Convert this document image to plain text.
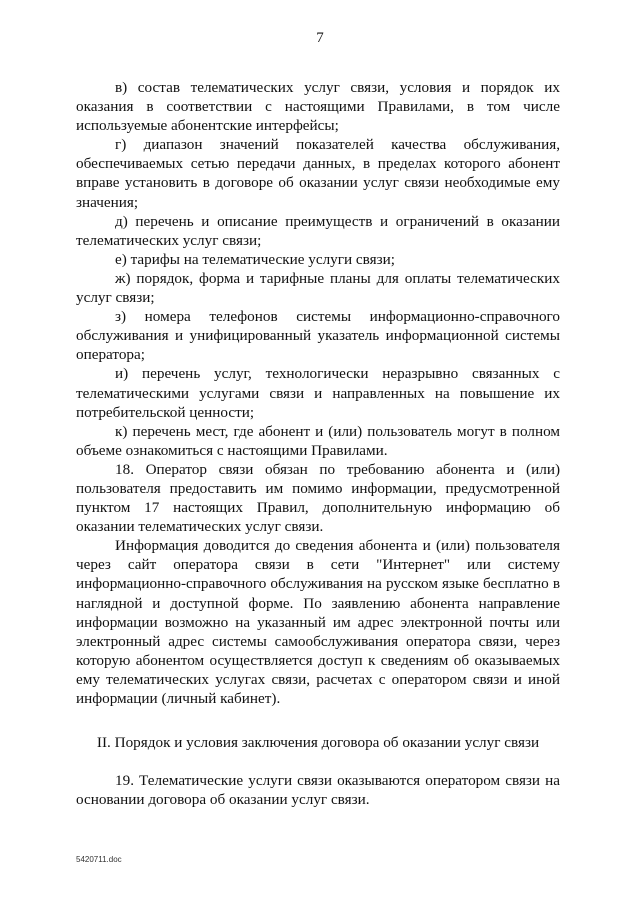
7

в) состав телематических услуг связи, условия и порядок их оказания в соответствии с настоящими Правилами, в том числе используемые абонентские интерфейсы;

г) диапазон значений показателей качества обслуживания, обеспечиваемых сетью передачи данных, в пределах которого абонент вправе установить в договоре об оказании услуг связи необходимые ему значения;

д) перечень и описание преимуществ и ограничений в оказании телематических услуг связи;

е) тарифы на телематические услуги связи;

ж) порядок, форма и тарифные планы для оплаты телематических услуг связи;

з) номера телефонов системы информационно-справочного обслуживания и унифицированный указатель информационной системы оператора;

и) перечень услуг, технологически неразрывно связанных с телематическими услугами связи и направленных на повышение их потребительской ценности;

к) перечень мест, где абонент и (или) пользователь могут в полном объеме ознакомиться с настоящими Правилами.

18. Оператор связи обязан по требованию абонента и (или) пользователя предоставить им помимо информации, предусмотренной пунктом 17 настоящих Правил, дополнительную информацию об оказании телематических услуг связи.

Информация доводится до сведения абонента и (или) пользователя через сайт оператора связи в сети "Интернет" или систему информационно-справочного обслуживания на русском языке бесплатно в наглядной и доступной форме. По заявлению абонента направление информации возможно на указанный им адрес электронной почты или электронный адрес системы самообслуживания оператора связи, через которую абонентом осуществляется доступ к сведениям об оказываемых ему телематических услугах связи, расчетах с оператором связи и иной информации (личный кабинет).

II. Порядок и условия заключения договора об оказании услуг связи

19. Телематические услуги связи оказываются оператором связи на основании договора об оказании услуг связи.

5420711.doc
